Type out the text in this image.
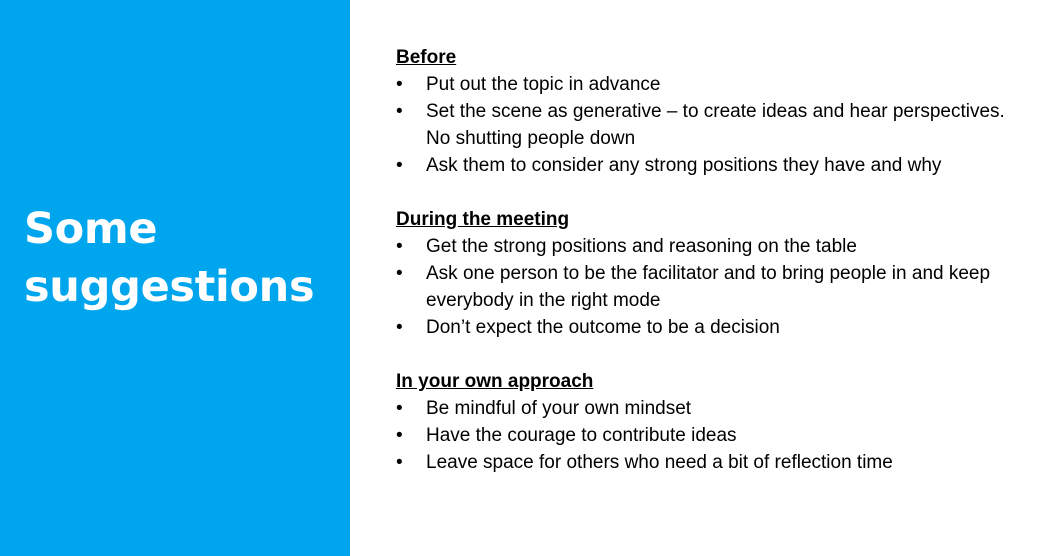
Some suggestions
Before
• Put out the topic in advance
• Set the scene as generative – to create ideas and hear perspectives. No shutting people down
• Ask them to consider any strong positions they have and why
During the meeting
• Get the strong positions and reasoning on the table
• Ask one person to be the facilitator and to bring people in and keep everybody in the right mode
• Don’t expect the outcome to be a decision
In your own approach
• Be mindful of your own mindset
• Have the courage to contribute ideas
• Leave space for others who need a bit of reflection time
